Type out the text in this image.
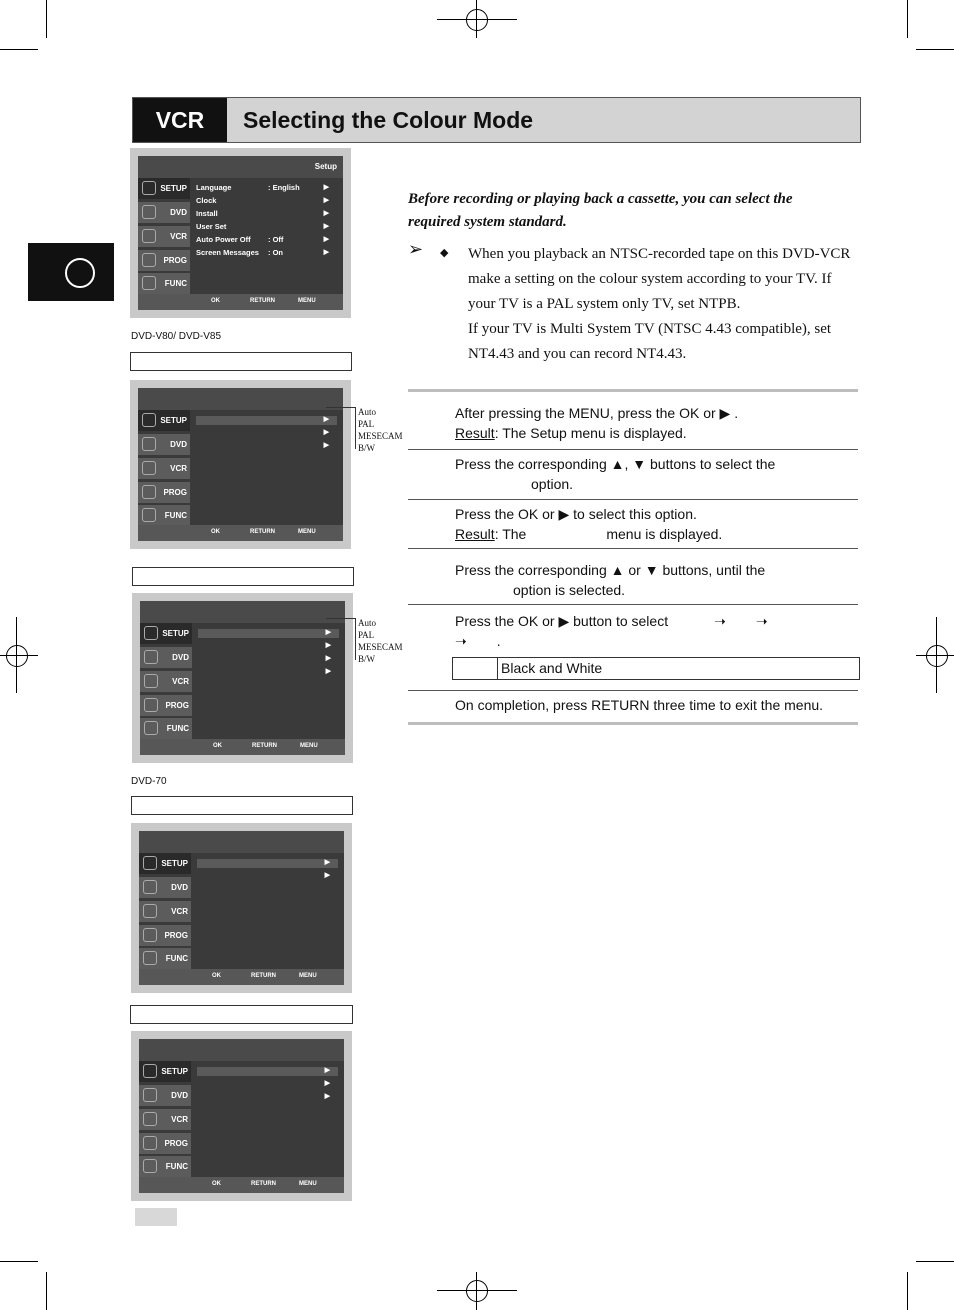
VCR	Selecting the Colour Mode
Setup
SETUP
DVD
VCR
PROG
FUNC
Language	: English	▶
Clock	▶
Install	▶
User Set	▶
Auto Power Off : Off	▶
Screen Messages : On	▶
OK	RETURN	MENU
DVD-V80/ DVD-V85
SETUP
DVD
VCR
PROG
FUNC
▶
▶
▶
OK	RETURN	MENU
Auto
PAL
MESECAM
B/W
SETUP
DVD
VCR
PROG
FUNC
▶
▶
▶
▶
OK	RETURN	MENU
Auto
PAL
MESECAM
B/W
DVD-70
SETUP
DVD
VCR
PROG
FUNC
▶
▶
OK	RETURN	MENU
SETUP
DVD
VCR
PROG
FUNC
▶
▶
▶
OK	RETURN	MENU
Before recording or playing back a cassette, you can select the required system standard.
➢ ◆ When you playback an NTSC-recorded tape on this DVD-VCR make a setting on the colour system according to your TV. If your TV is a PAL system only TV, set NTPB.
If your TV is Multi System TV (NTSC 4.43 compatible), set NT4.43 and you can record NT4.43.
After pressing the MENU, press the OK or ▶ .
Result: The Setup menu is displayed.
Press the corresponding ▲, ▼ buttons to select the
option.
Press the OK or ▶ to select this option.
Result: The	menu is displayed.
Press the corresponding ▲ or ▼ buttons, until the
option is selected.
Press the OK or ▶ button to select	➝ ➝
➝ .
Black and White
On completion, press RETURN three time to exit the menu.
